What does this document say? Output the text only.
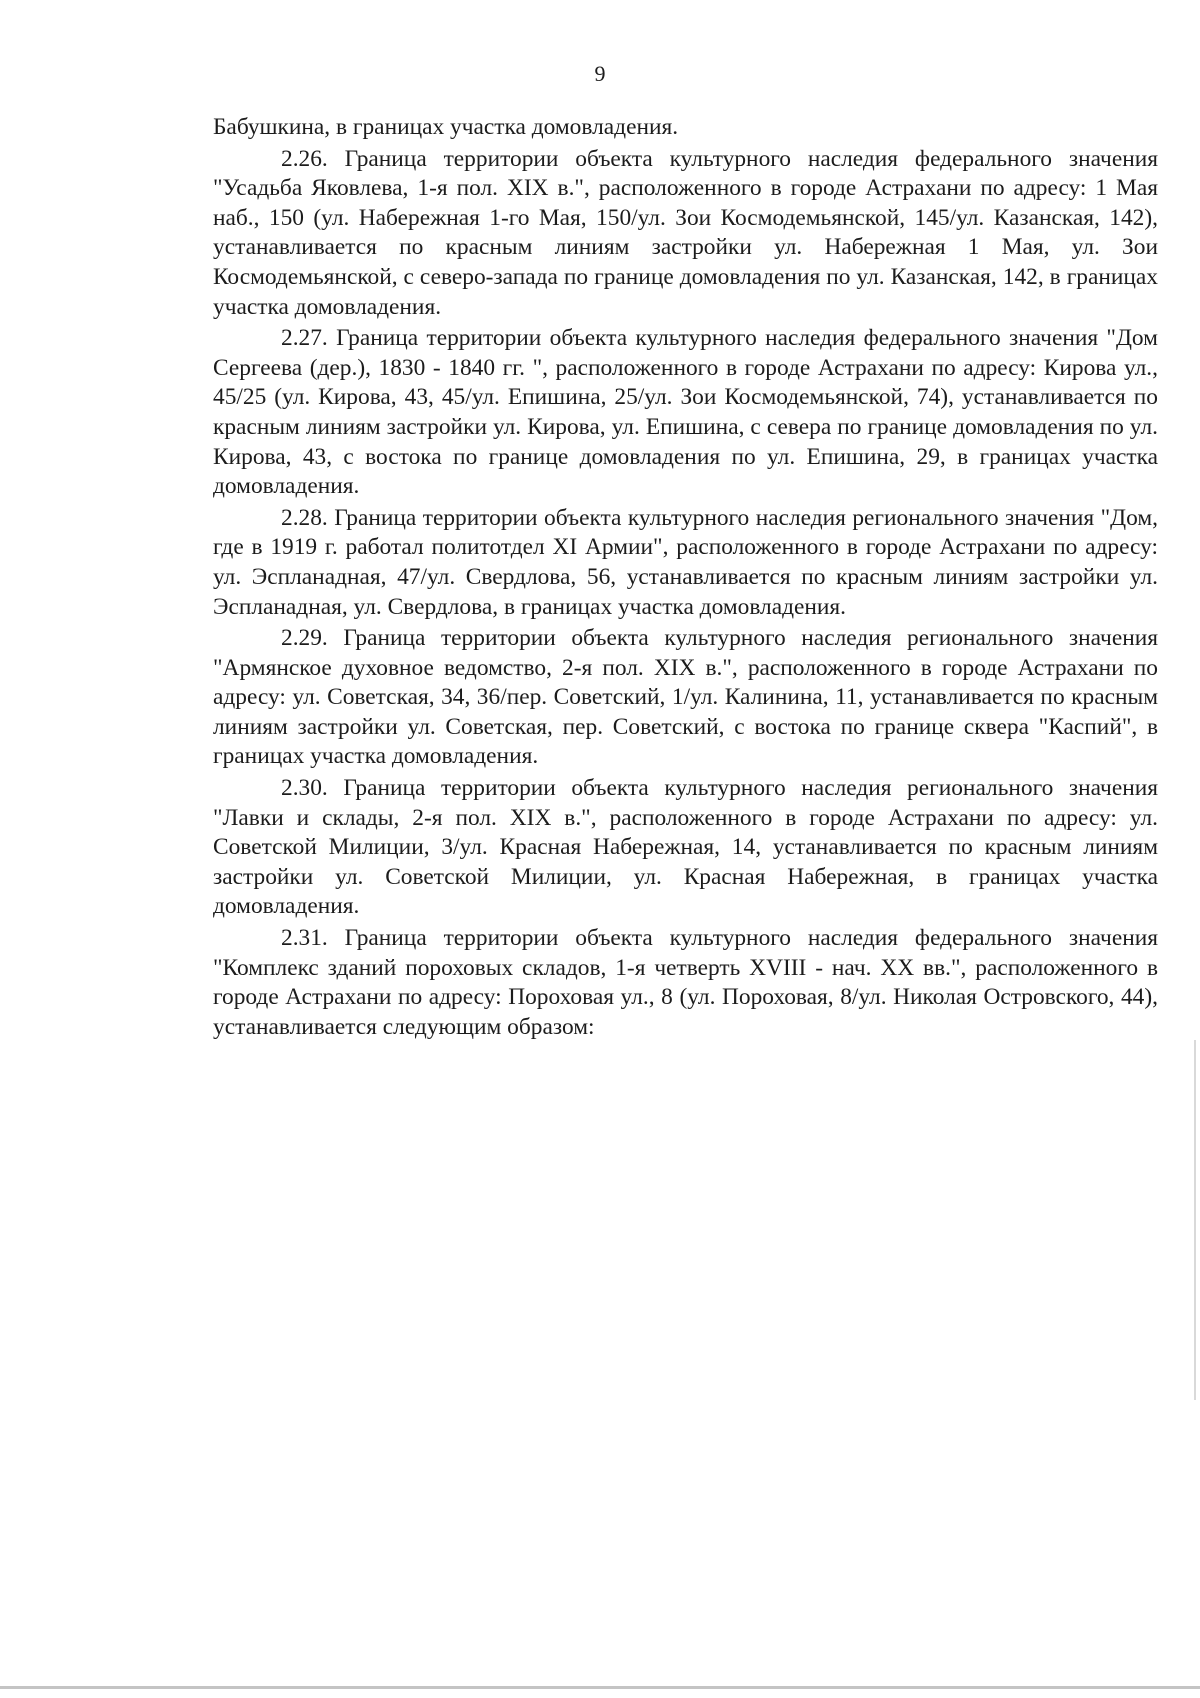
9

Бабушкина, в границах участка домовладения.

2.26. Граница территории объекта культурного наследия федерального значения "Усадьба Яковлева, 1-я пол. XIX в.", расположенного в городе Астрахани по адресу: 1 Мая наб., 150 (ул. Набережная 1-го Мая, 150/ул. Зои Космодемьянской, 145/ул. Казанская, 142), устанавливается по красным линиям застройки ул. Набережная 1 Мая, ул. Зои Космодемьянской, с северо-запада по границе домовладения по ул. Казанская, 142, в границах участка домовладения.

2.27. Граница территории объекта культурного наследия федерального значения "Дом Сергеева (дер.), 1830 - 1840 гг. ", расположенного в городе Астрахани по адресу: Кирова ул., 45/25 (ул. Кирова, 43, 45/ул. Епишина, 25/ул. Зои Космодемьянской, 74), устанавливается по красным линиям застройки ул. Кирова, ул. Епишина, с севера по границе домовладения по ул. Кирова, 43, с востока по границе домовладения по ул. Епишина, 29, в границах участка домовладения.

2.28. Граница территории объекта культурного наследия регионального значения "Дом, где в 1919 г. работал политотдел XI Армии", расположенного в городе Астрахани по адресу: ул. Эспланадная, 47/ул. Свердлова, 56, устанавливается по красным линиям застройки ул. Эспланадная, ул. Свердлова, в границах участка домовладения.

2.29. Граница территории объекта культурного наследия регионального значения "Армянское духовное ведомство, 2-я пол. XIX в.", расположенного в городе Астрахани по адресу: ул. Советская, 34, 36/пер. Советский, 1/ул. Калинина, 11, устанавливается по красным линиям застройки ул. Советская, пер. Советский, с востока по границе сквера "Каспий", в границах участка домовладения.

2.30. Граница территории объекта культурного наследия регионального значения "Лавки и склады, 2-я пол. XIX в.", расположенного в городе Астрахани по адресу: ул. Советской Милиции, 3/ул. Красная Набережная, 14, устанавливается по красным линиям застройки ул. Советской Милиции, ул. Красная Набережная, в границах участка домовладения.

2.31. Граница территории объекта культурного наследия федерального значения "Комплекс зданий пороховых складов, 1-я четверть XVIII - нач. XX вв.", расположенного в городе Астрахани по адресу: Пороховая ул., 8 (ул. Пороховая, 8/ул. Николая Островского, 44), устанавливается следующим образом:
